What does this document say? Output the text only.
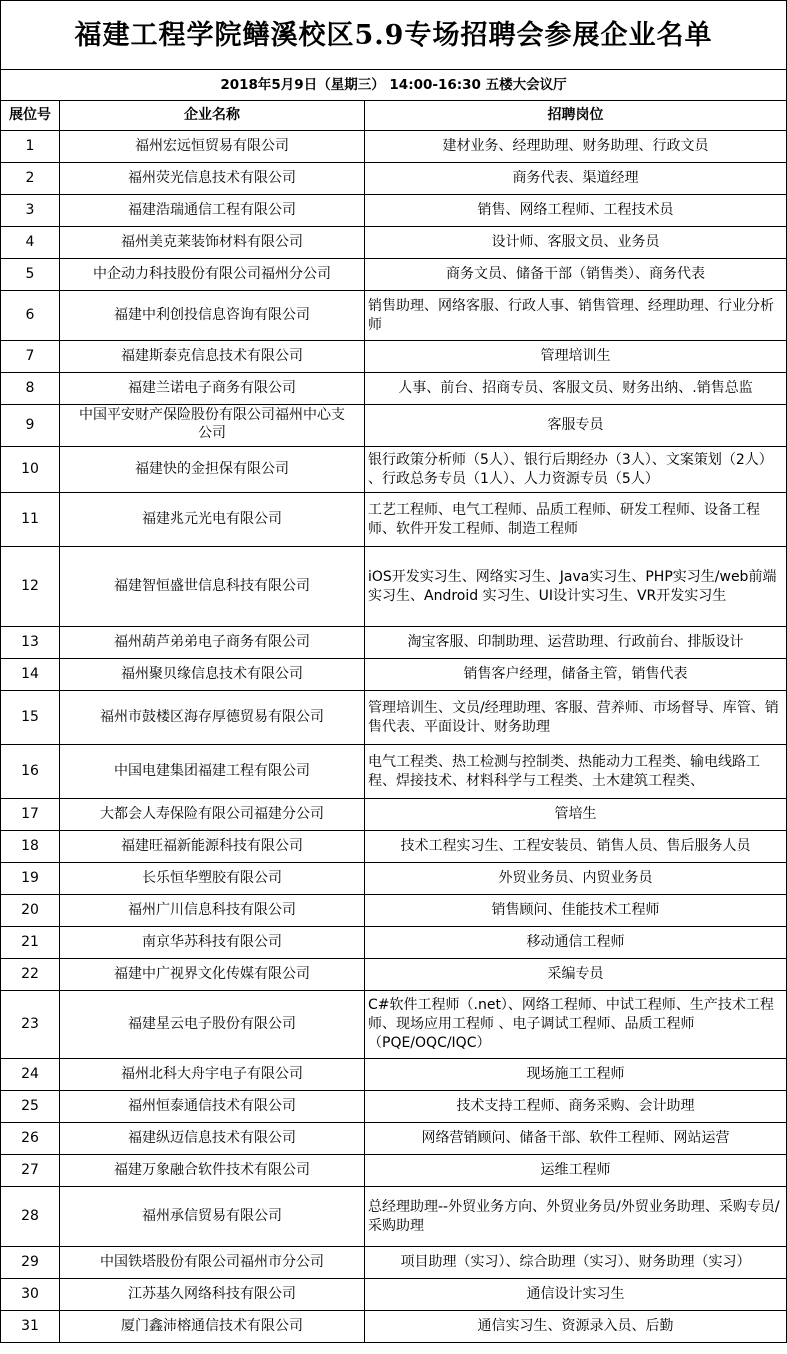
福建工程学院鳝溪校区5.9专场招聘会参展企业名单		
2018年5月9日（星期三） 14:00-16:30 五楼大会议厅		
展位号	企业名称	招聘岗位
1	福州宏远恒贸易有限公司	建材业务、经理助理、财务助理、行政文员
2	福州荧光信息技术有限公司	商务代表、渠道经理
3	福建浩瑞通信工程有限公司	销售、网络工程师、工程技术员
4	福州美克莱装饰材料有限公司	设计师、客服文员、业务员
5	中企动力科技股份有限公司福州分公司	商务文员、储备干部（销售类）、商务代表
6	福建中利创投信息咨询有限公司	销售助理、网络客服、行政人事、销售管理、经理助理、行业分析师
7	福建斯泰克信息技术有限公司	管理培训生
8	福建兰诺电子商务有限公司	人事、前台、招商专员、客服文员、财务出纳、.销售总监
9	中国平安财产保险股份有限公司福州中心支公司	客服专员
10	福建快的金担保有限公司	银行政策分析师（5人）、银行后期经办（3人）、文案策划（2人） 、行政总务专员（1人）、人力资源专员（5人）
11	福建兆元光电有限公司	工艺工程师、电气工程师、品质工程师、研发工程师、设备工程师、软件开发工程师、制造工程师
12	福建智恒盛世信息科技有限公司	iOS开发实习生、网络实习生、Java实习生、PHP实习生/web前端实习生、Android 实习生、UI设计实习生、VR开发实习生
13	福州葫芦弟弟电子商务有限公司	淘宝客服、印制助理、运营助理、行政前台、排版设计
14	福州聚贝缘信息技术有限公司	销售客户经理，储备主管，销售代表
15	福州市鼓楼区海存厚德贸易有限公司	管理培训生、文员/经理助理、客服、营养师、市场督导、库管、销售代表、平面设计、财务助理
16	中国电建集团福建工程有限公司	电气工程类、热工检测与控制类、热能动力工程类、输电线路工程、焊接技术、材料科学与工程类、土木建筑工程类、
17	大都会人寿保险有限公司福建分公司	管培生
18	福建旺福新能源科技有限公司	技术工程实习生、工程安装员、销售人员、售后服务人员
19	长乐恒华塑胶有限公司	外贸业务员、内贸业务员
20	福州广川信息科技有限公司	销售顾问、佳能技术工程师
21	南京华苏科技有限公司	移动通信工程师
22	福建中广视界文化传媒有限公司	采编专员
23	福建星云电子股份有限公司	C#软件工程师（.net）、网络工程师、中试工程师、生产技术工程师、现场应用工程师 、电子调试工程师、品质工程师（PQE/OQC/IQC）
24	福州北科大舟宇电子有限公司	现场施工工程师
25	福州恒泰通信技术有限公司	技术支持工程师、商务采购、会计助理
26	福建纵迈信息技术有限公司	网络营销顾问、储备干部、软件工程师、网站运营
27	福建万象融合软件技术有限公司	运维工程师
28	福州承信贸易有限公司	总经理助理--外贸业务方向、外贸业务员/外贸业务助理、采购专员/采购助理
29	中国铁塔股份有限公司福州市分公司	项目助理（实习）、综合助理（实习）、财务助理（实习）
30	江苏基久网络科技有限公司	通信设计实习生
31	厦门鑫沛榕通信技术有限公司	通信实习生、资源录入员、后勤
